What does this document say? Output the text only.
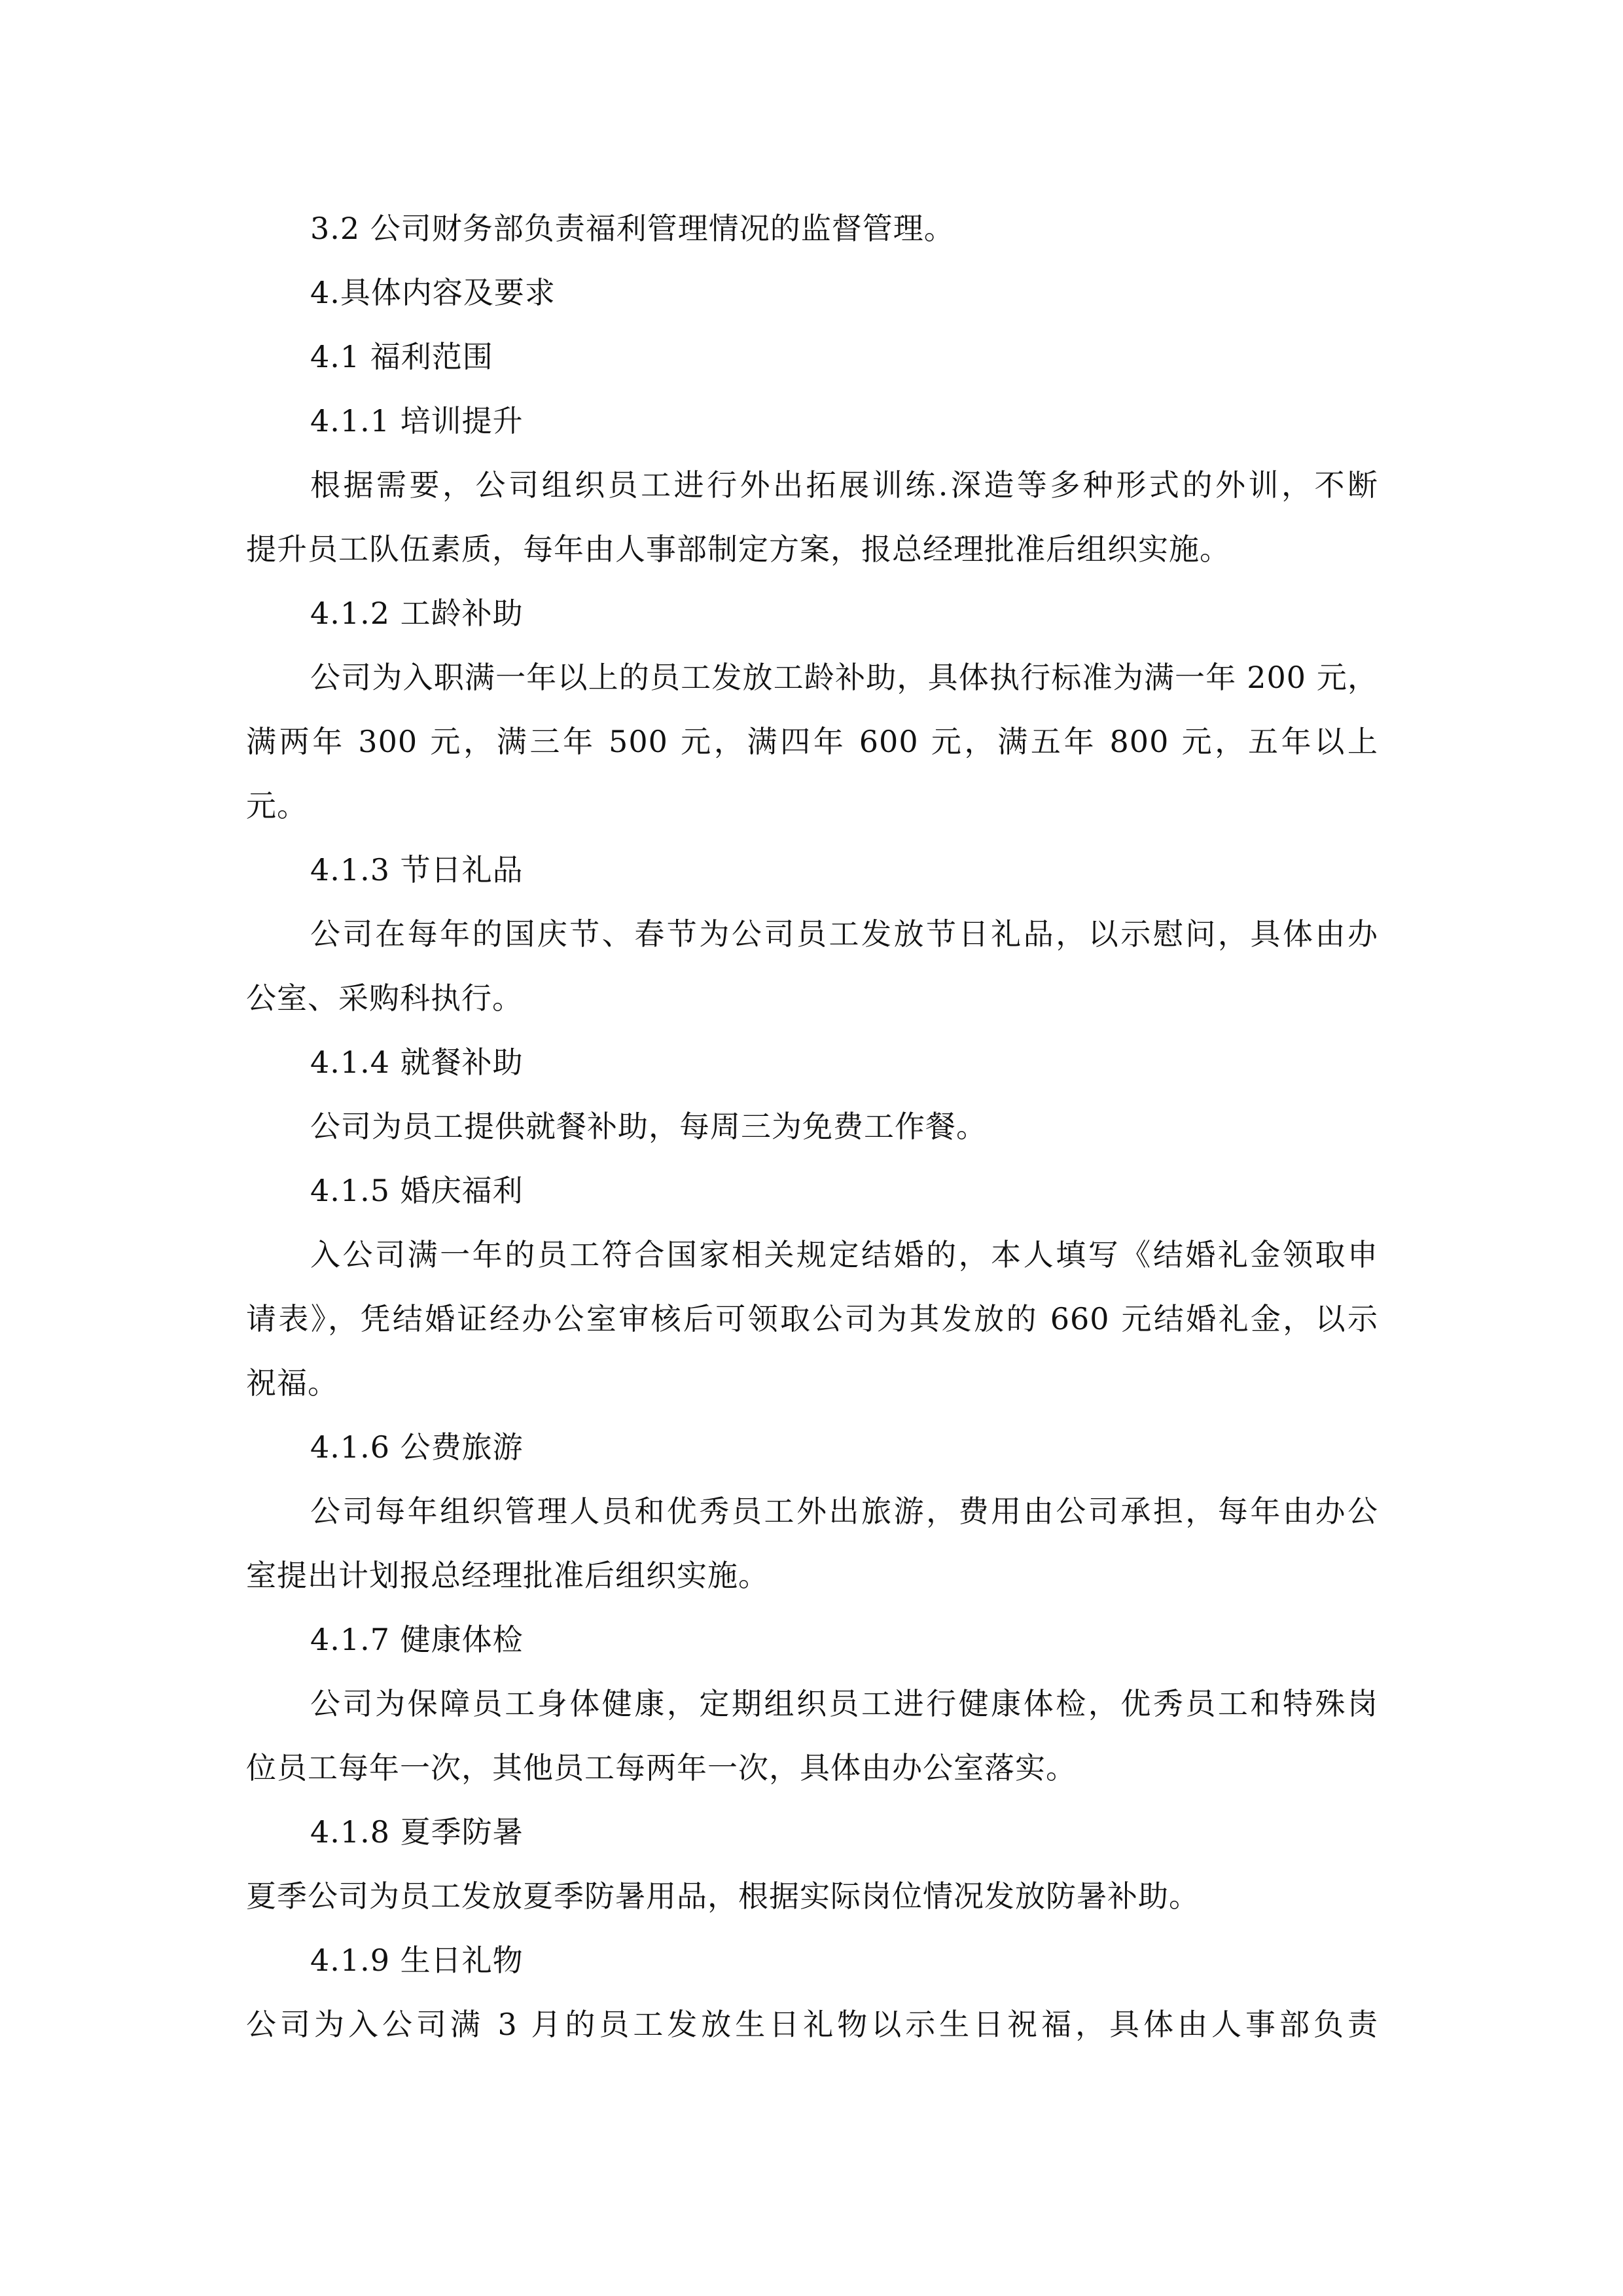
3.2 公司财务部负责福利管理情况的监督管理。
4.具体内容及要求
4.1 福利范围
4.1.1 培训提升
根据需要，公司组织员工进行外出拓展训练.深造等多种形式的外训，不断
提升员工队伍素质，每年由人事部制定方案，报总经理批准后组织实施。
4.1.2 工龄补助
公司为入职满一年以上的员工发放工龄补助，具体执行标准为满一年 200 元，
满两年 300 元，满三年 500 元，满四年 600 元，满五年 800 元，五年以上
元。
4.1.3 节日礼品
公司在每年的国庆节、春节为公司员工发放节日礼品，以示慰问，具体由办
公室、采购科执行。
4.1.4 就餐补助
公司为员工提供就餐补助，每周三为免费工作餐。
4.1.5 婚庆福利
入公司满一年的员工符合国家相关规定结婚的，本人填写《结婚礼金领取申
请表》，凭结婚证经办公室审核后可领取公司为其发放的 660 元结婚礼金，以示
祝福。
4.1.6 公费旅游
公司每年组织管理人员和优秀员工外出旅游，费用由公司承担，每年由办公
室提出计划报总经理批准后组织实施。
4.1.7 健康体检
公司为保障员工身体健康，定期组织员工进行健康体检，优秀员工和特殊岗
位员工每年一次，其他员工每两年一次，具体由办公室落实。
4.1.8 夏季防暑
夏季公司为员工发放夏季防暑用品，根据实际岗位情况发放防暑补助。
4.1.9 生日礼物
公司为入公司满 3 月的员工发放生日礼物以示生日祝福，具体由人事部负责
